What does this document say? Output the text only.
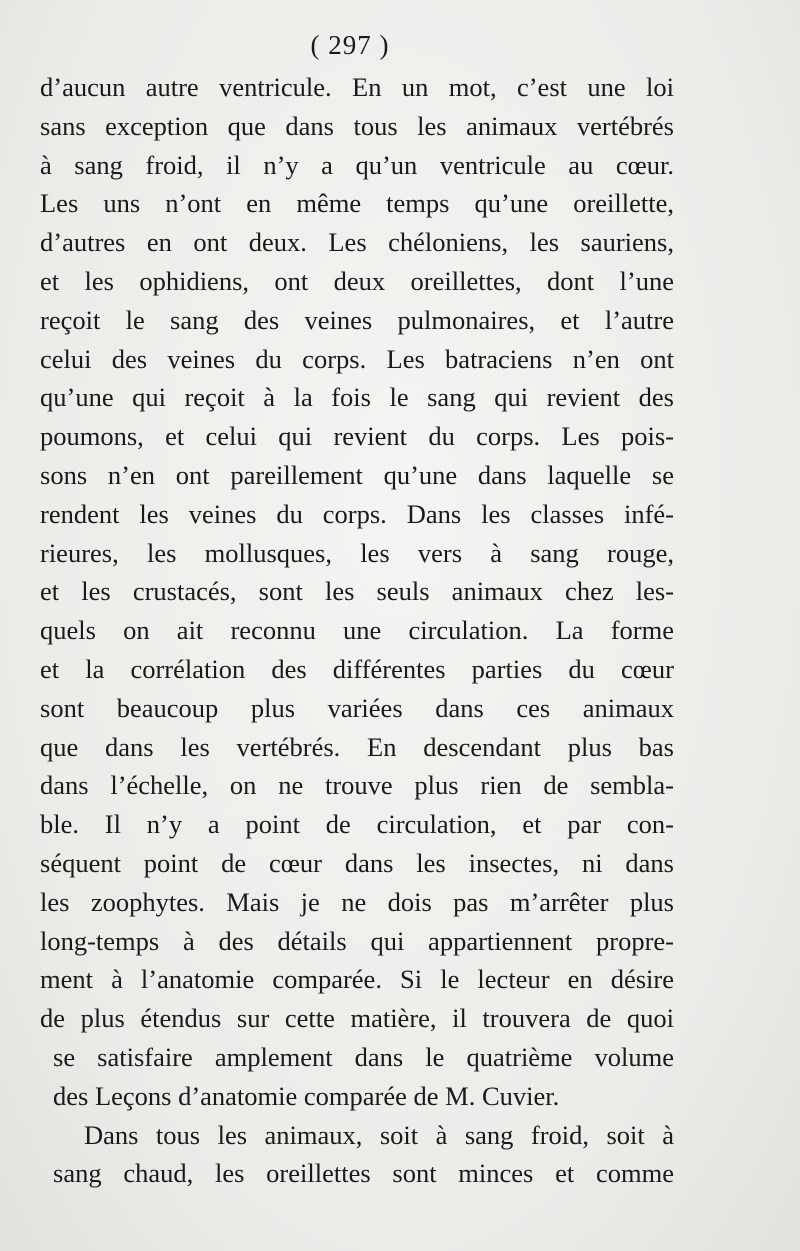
( 297 )
d’aucun autre ventricule. En un mot, c’est une loi
sans exception que dans tous les animaux vertébrés
à sang froid, il n’y a qu’un ventricule au cœur.
Les uns n’ont en même temps qu’une oreillette,
d’autres en ont deux. Les chéloniens, les sauriens,
et les ophidiens, ont deux oreillettes, dont l’une
reçoit le sang des veines pulmonaires, et l’autre
celui des veines du corps. Les batraciens n’en ont
qu’une qui reçoit à la fois le sang qui revient des
poumons, et celui qui revient du corps. Les pois-
sons n’en ont pareillement qu’une dans laquelle se
rendent les veines du corps. Dans les classes infé-
rieures, les mollusques, les vers à sang rouge,
et les crustacés, sont les seuls animaux chez les-
quels on ait reconnu une circulation. La forme
et la corrélation des différentes parties du cœur
sont beaucoup plus variées dans ces animaux
que dans les vertébrés. En descendant plus bas
dans l’échelle, on ne trouve plus rien de sembla-
ble. Il n’y a point de circulation, et par con-
séquent point de cœur dans les insectes, ni dans
les zoophytes. Mais je ne dois pas m’arrêter plus
long-temps à des détails qui appartiennent propre-
ment à l’anatomie comparée. Si le lecteur en désire
de plus étendus sur cette matière, il trouvera de quoi
se satisfaire amplement dans le quatrième volume
des Leçons d’anatomie comparée de M. Cuvier.
Dans tous les animaux, soit à sang froid, soit à
sang chaud, les oreillettes sont minces et comme
